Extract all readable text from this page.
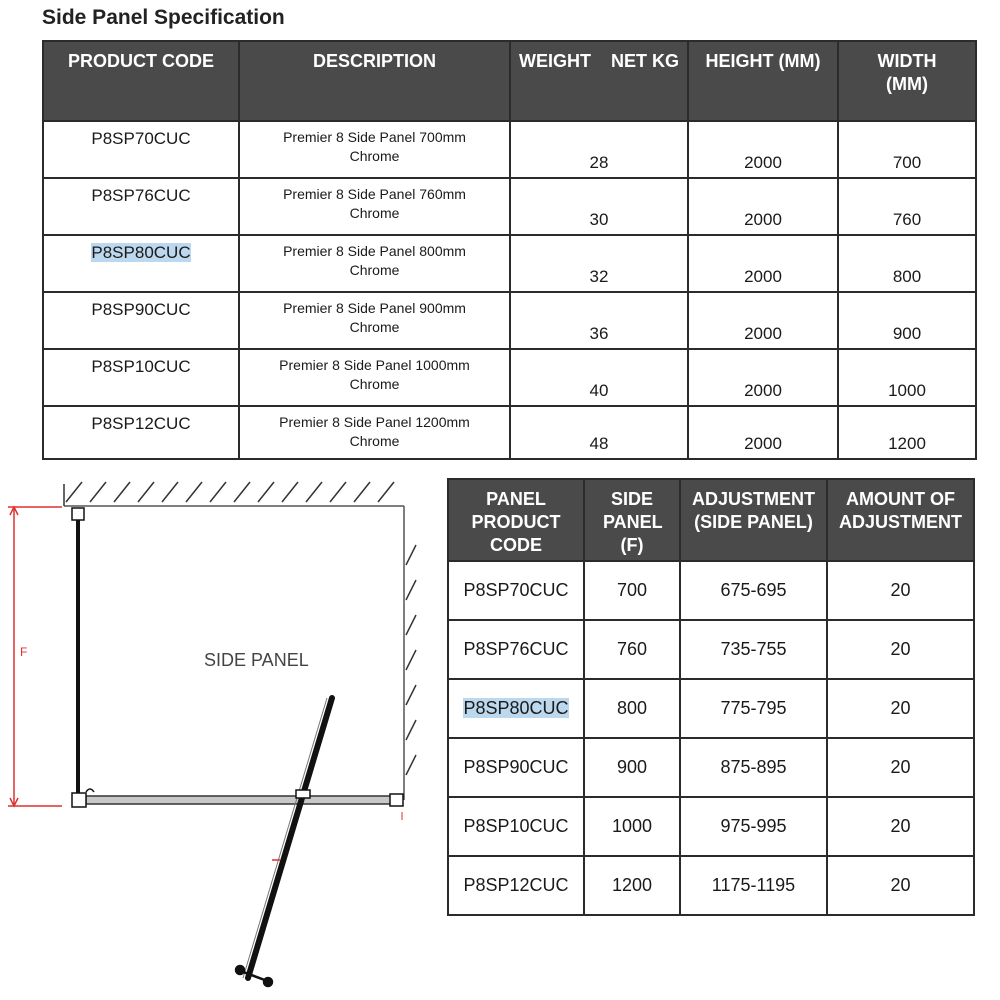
Side Panel Specification
PRODUCT CODE	DESCRIPTION	WEIGHT    NET KG	HEIGHT (MM)	WIDTH (MM)
P8SP70CUC	Premier 8 Side Panel 700mm Chrome	28	2000	700
P8SP76CUC	Premier 8 Side Panel 760mm Chrome	30	2000	760
P8SP80CUC	Premier 8 Side Panel 800mm Chrome	32	2000	800
P8SP90CUC	Premier 8 Side Panel 900mm Chrome	36	2000	900
P8SP10CUC	Premier 8 Side Panel 1000mm Chrome	40	2000	1000
P8SP12CUC	Premier 8 Side Panel 1200mm Chrome	48	2000	1200
F	SIDE PANEL
PANEL PRODUCT CODE	SIDE PANEL (F)	ADJUSTMENT (SIDE PANEL)	AMOUNT OF ADJUSTMENT
P8SP70CUC	700	675-695	20
P8SP76CUC	760	735-755	20
P8SP80CUC	800	775-795	20
P8SP90CUC	900	875-895	20
P8SP10CUC	1000	975-995	20
P8SP12CUC	1200	1175-1195	20
